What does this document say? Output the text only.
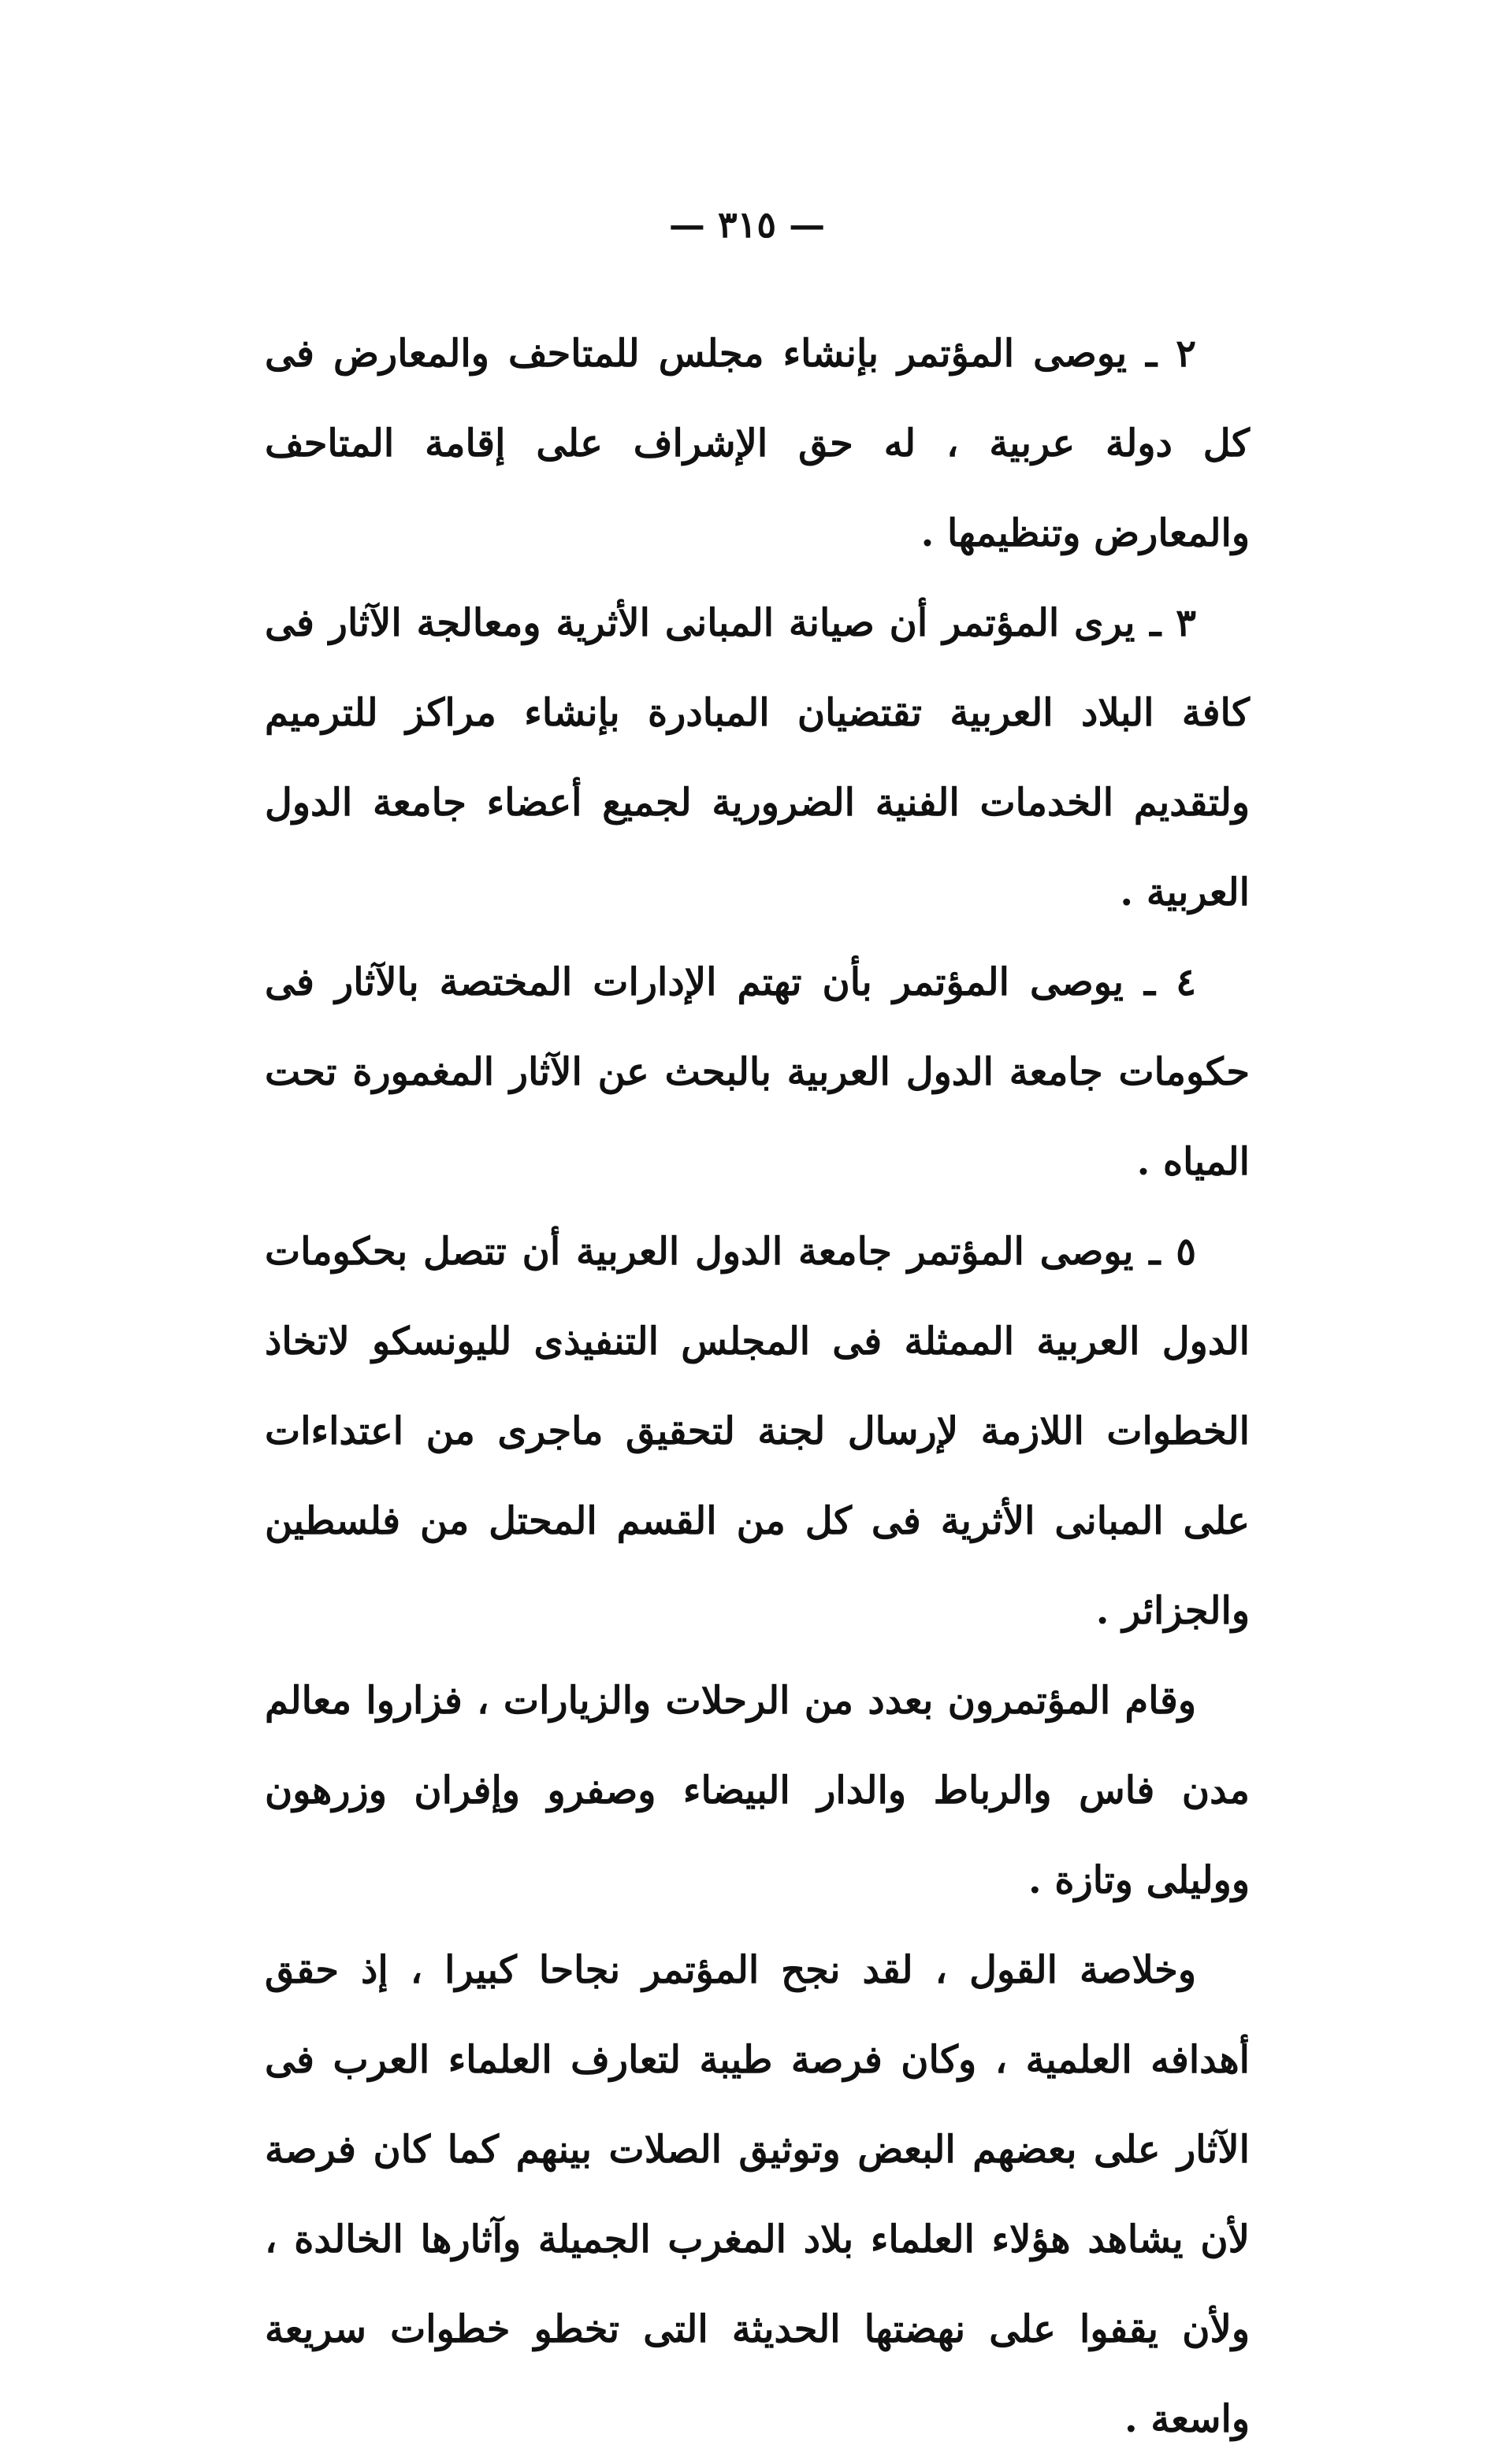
— ٣١٥ —

٢ ـ يوصى المؤتمر بإنشاء مجلس للمتاحف والمعارض فى كل دولة عربية ، له حق الإشراف على إقامة المتاحف والمعارض وتنظيمها .

٣ ـ يرى المؤتمر أن صيانة المبانى الأثرية ومعالجة الآثار فى كافة البلاد العربية تقتضيان المبادرة بإنشاء مراكز للترميم ولتقديم الخدمات الفنية الضرورية لجميع أعضاء جامعة الدول العربية .

٤ ـ يوصى المؤتمر بأن تهتم الإدارات المختصة بالآثار فى حكومات جامعة الدول العربية بالبحث عن الآثار المغمورة تحت المياه .

٥ ـ يوصى المؤتمر جامعة الدول العربية أن تتصل بحكومات الدول العربية الممثلة فى المجلس التنفيذى لليونسكو لاتخاذ الخطوات اللازمة لإرسال لجنة لتحقيق ماجرى من اعتداءات على المبانى الأثرية فى كل من القسم المحتل من فلسطين والجزائر .

وقام المؤتمرون بعدد من الرحلات والزيارات ، فزاروا معالم مدن فاس والرباط والدار البيضاء وصفرو وإفران وزرهون ووليلى وتازة .

وخلاصة القول ، لقد نجح المؤتمر نجاحا كبيرا ، إذ حقق أهدافه العلمية ، وكان فرصة طيبة لتعارف العلماء العرب فى الآثار على بعضهم البعض وتوثيق الصلات بينهم كما كان فرصة لأن يشاهد هؤلاء العلماء بلاد المغرب الجميلة وآثارها الخالدة ، ولأن يقفوا على نهضتها الحديثة التى تخطو خطوات سريعة واسعة .
